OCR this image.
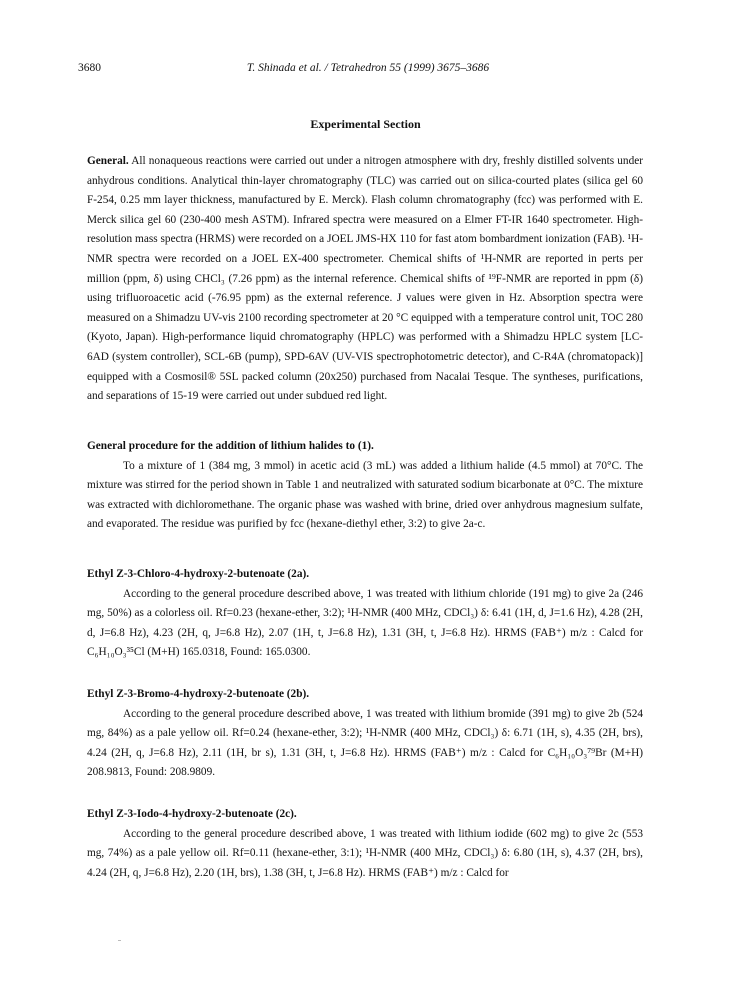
3680	T. Shinada et al. / Tetrahedron 55 (1999) 3675–3686
Experimental Section
General. All nonaqueous reactions were carried out under a nitrogen atmosphere with dry, freshly distilled solvents under anhydrous conditions. Analytical thin-layer chromatography (TLC) was carried out on silica-courted plates (silica gel 60 F-254, 0.25 mm layer thickness, manufactured by E. Merck). Flash column chromatography (fcc) was performed with E. Merck silica gel 60 (230-400 mesh ASTM). Infrared spectra were measured on a Elmer FT-IR 1640 spectrometer. High-resolution mass spectra (HRMS) were recorded on a JOEL JMS-HX 110 for fast atom bombardment ionization (FAB). ¹H-NMR spectra were recorded on a JOEL EX-400 spectrometer. Chemical shifts of ¹H-NMR are reported in perts per million (ppm, δ) using CHCl₃ (7.26 ppm) as the internal reference. Chemical shifts of ¹⁹F-NMR are reported in ppm (δ) using trifluoroacetic acid (-76.95 ppm) as the external reference. J values were given in Hz. Absorption spectra were measured on a Shimadzu UV-vis 2100 recording spectrometer at 20 °C equipped with a temperature control unit, TOC 280 (Kyoto, Japan). High-performance liquid chromatography (HPLC) was performed with a Shimadzu HPLC system [LC-6AD (system controller), SCL-6B (pump), SPD-6AV (UV-VIS spectrophotometric detector), and C-R4A (chromatopack)] equipped with a Cosmosil® 5SL packed column (20x250) purchased from Nacalai Tesque. The syntheses, purifications, and separations of 15-19 were carried out under subdued red light.
General procedure for the addition of lithium halides to (1).
To a mixture of 1 (384 mg, 3 mmol) in acetic acid (3 mL) was added a lithium halide (4.5 mmol) at 70°C. The mixture was stirred for the period shown in Table 1 and neutralized with saturated sodium bicarbonate at 0°C. The mixture was extracted with dichloromethane. The organic phase was washed with brine, dried over anhydrous magnesium sulfate, and evaporated. The residue was purified by fcc (hexane-diethyl ether, 3:2) to give 2a-c.
Ethyl Z-3-Chloro-4-hydroxy-2-butenoate (2a).
According to the general procedure described above, 1 was treated with lithium chloride (191 mg) to give 2a (246 mg, 50%) as a colorless oil. Rf=0.23 (hexane-ether, 3:2); ¹H-NMR (400 MHz, CDCl₃) δ: 6.41 (1H, d, J=1.6 Hz), 4.28 (2H, d, J=6.8 Hz), 4.23 (2H, q, J=6.8 Hz), 2.07 (1H, t, J=6.8 Hz), 1.31 (3H, t, J=6.8 Hz). HRMS (FAB⁺) m/z : Calcd for C₆H₁₀O₃³⁵Cl (M+H) 165.0318, Found: 165.0300.
Ethyl Z-3-Bromo-4-hydroxy-2-butenoate (2b).
According to the general procedure described above, 1 was treated with lithium bromide (391 mg) to give 2b (524 mg, 84%) as a pale yellow oil. Rf=0.24 (hexane-ether, 3:2); ¹H-NMR (400 MHz, CDCl₃) δ: 6.71 (1H, s), 4.35 (2H, brs), 4.24 (2H, q, J=6.8 Hz), 2.11 (1H, br s), 1.31 (3H, t, J=6.8 Hz). HRMS (FAB⁺) m/z : Calcd for C₆H₁₀O₃⁷⁹Br (M+H) 208.9813, Found: 208.9809.
Ethyl Z-3-Iodo-4-hydroxy-2-butenoate (2c).
According to the general procedure described above, 1 was treated with lithium iodide (602 mg) to give 2c (553 mg, 74%) as a pale yellow oil. Rf=0.11 (hexane-ether, 3:1); ¹H-NMR (400 MHz, CDCl₃) δ: 6.80 (1H, s), 4.37 (2H, brs), 4.24 (2H, q, J=6.8 Hz), 2.20 (1H, brs), 1.38 (3H, t, J=6.8 Hz). HRMS (FAB⁺) m/z : Calcd for
